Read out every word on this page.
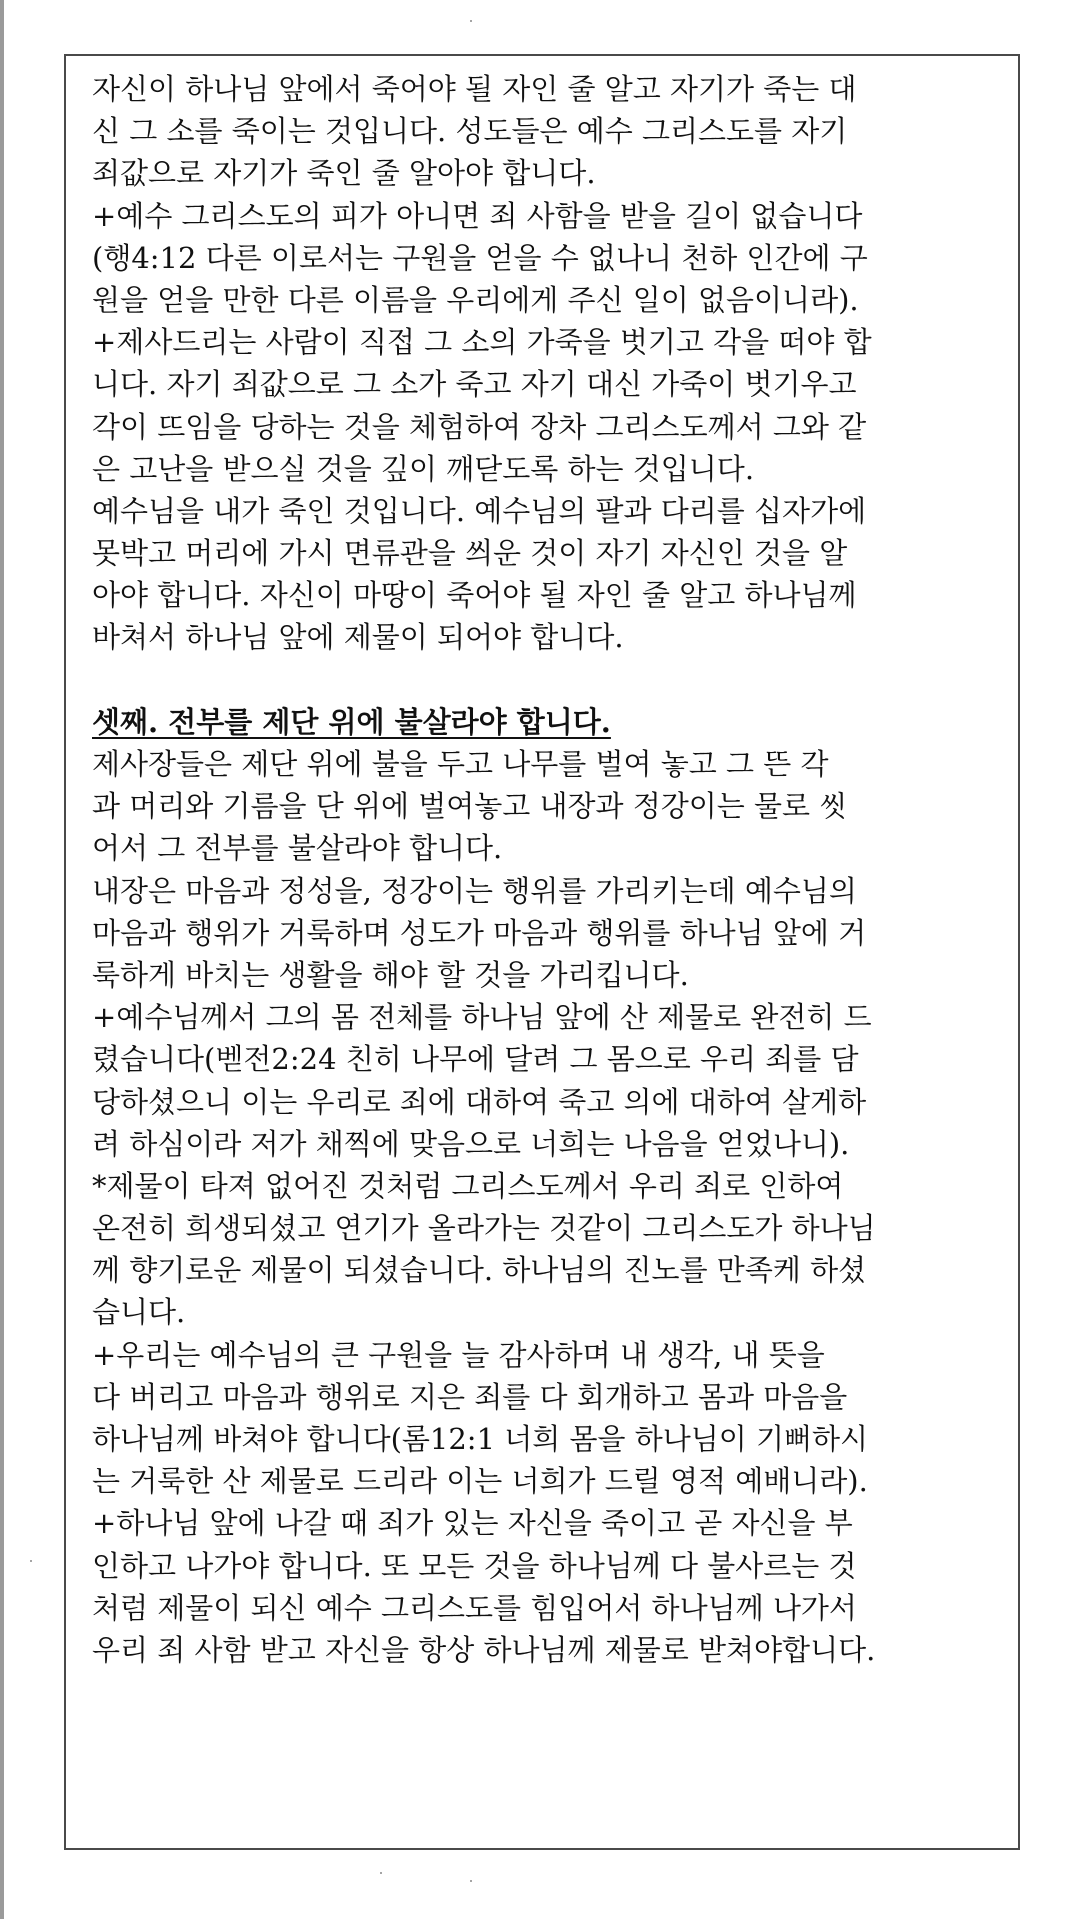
자신이 하나님 앞에서 죽어야 될 자인 줄 알고 자기가 죽는 대
신 그 소를 죽이는 것입니다. 성도들은 예수 그리스도를 자기
죄값으로 자기가 죽인 줄 알아야 합니다.
+예수 그리스도의 피가 아니면 죄 사함을 받을 길이 없습니다
(행4:12 다른 이로서는 구원을 얻을 수 없나니 천하 인간에 구
원을 얻을 만한 다른 이름을 우리에게 주신 일이 없음이니라).
+제사드리는 사람이 직접 그 소의 가죽을 벗기고 각을 떠야 합
니다. 자기 죄값으로 그 소가 죽고 자기 대신 가죽이 벗기우고
각이 뜨임을 당하는 것을 체험하여 장차 그리스도께서 그와 같
은 고난을 받으실 것을 깊이 깨닫도록 하는 것입니다.
예수님을 내가 죽인 것입니다. 예수님의 팔과 다리를 십자가에
못박고 머리에 가시 면류관을 씌운 것이 자기 자신인 것을 알
아야 합니다. 자신이 마땅이 죽어야 될 자인 줄 알고 하나님께
바쳐서 하나님 앞에 제물이 되어야 합니다.
셋째. 전부를 제단 위에 불살라야 합니다.
제사장들은 제단 위에 불을 두고 나무를 벌여 놓고 그 뜬 각
과 머리와 기름을 단 위에 벌여놓고 내장과 정강이는 물로 씻
어서 그 전부를 불살라야 합니다.
내장은 마음과 정성을, 정강이는 행위를 가리키는데 예수님의
마음과 행위가 거룩하며 성도가 마음과 행위를 하나님 앞에 거
룩하게 바치는 생활을 해야 할 것을 가리킵니다.
+예수님께서 그의 몸 전체를 하나님 앞에 산 제물로 완전히 드
렸습니다(벧전2:24 친히 나무에 달려 그 몸으로 우리 죄를 담
당하셨으니 이는 우리로 죄에 대하여 죽고 의에 대하여 살게하
려 하심이라 저가 채찍에 맞음으로 너희는 나음을 얻었나니).
*제물이 타져 없어진 것처럼 그리스도께서 우리 죄로 인하여
온전히 희생되셨고 연기가 올라가는 것같이 그리스도가 하나님
께 향기로운 제물이 되셨습니다. 하나님의 진노를 만족케 하셨
습니다.
+우리는 예수님의 큰 구원을 늘 감사하며 내 생각, 내 뜻을
다 버리고 마음과 행위로 지은 죄를 다 회개하고 몸과 마음을
하나님께 바쳐야 합니다(롬12:1 너희 몸을 하나님이 기뻐하시
는 거룩한 산 제물로 드리라 이는 너희가 드릴 영적 예배니라).
+하나님 앞에 나갈 때 죄가 있는 자신을 죽이고 곧 자신을 부
인하고 나가야 합니다. 또 모든 것을 하나님께 다 불사르는 것
처럼 제물이 되신 예수 그리스도를 힘입어서 하나님께 나가서
우리 죄 사함 받고 자신을 항상 하나님께 제물로 받쳐야합니다.
